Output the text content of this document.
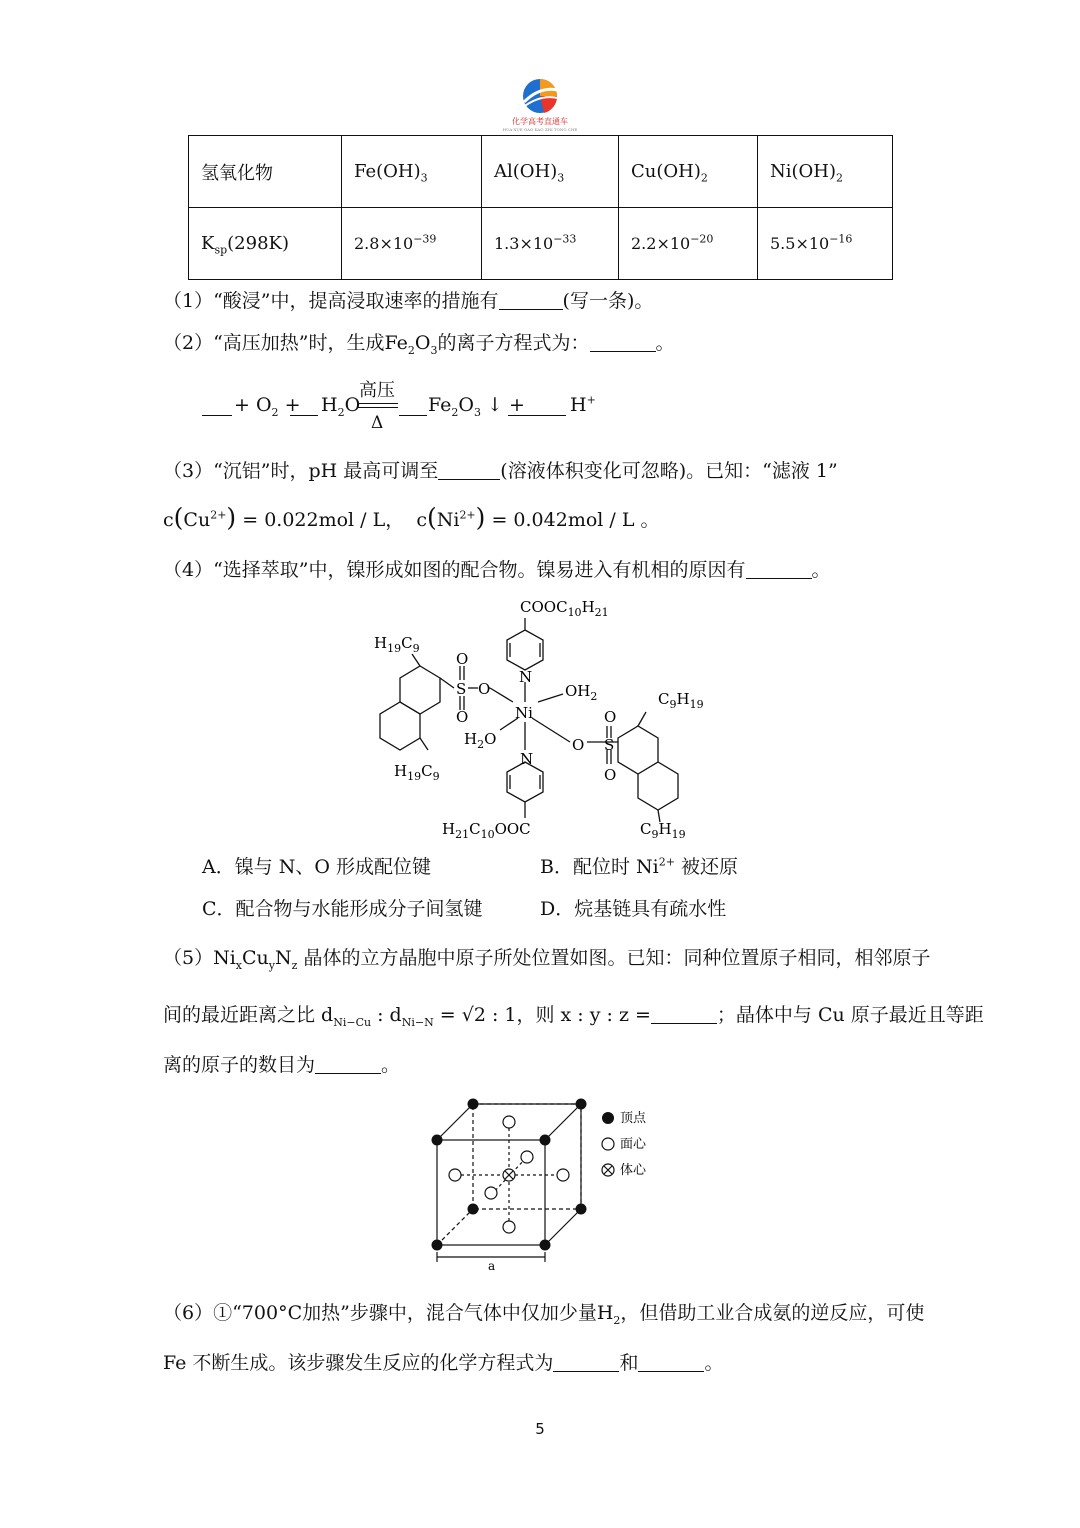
化学高考直通车
HUA XUE GAO KAO ZHI TONG CHE
氢氧化物	$Fe(OH)_3$	$Al(OH)_3$	$Cu(OH)_2$	$Ni(OH)_2$
$K_{sp}(298K)$	$2.8\times 10^{-39}$	$1.3\times 10^{-33}$	$2.2\times 10^{-20}$	$5.5\times 10^{-16}$
（1）“酸浸”中，提高浸取速率的措施有	(写一条)。
（2）“高压加热”时，生成$Fe_2O_3$的离子方程式为：	。
+ $O_2 + H_2O$
高压
Δ
$Fe_2O_3$ ↓ + H+
（3）“沉铝”时，pH 最高可调至	(溶液体积变化可忽略)。已知：“滤液 1”
$c(Cu^{2+}) = 0.022mol / L$， $c(Ni^{2+}) = 0.042mol / L$ 。
（4）“选择萃取”中，镍形成如图的配合物。镍易进入有机相的原因有	。
$COOC_{10}H_{21}$
$H_{19}C_9$
O
S O
O
N
Ni
$OH_2$
$H_2O$
N
O
O
S
O
$C_9H_{19}$
$H_{19}C_9$
$H_{21}C_{10}OOC$	$C_9H_{19}$
A．镍与 N、O 形成配位键	B．配位时 $Ni^{2+}$ 被还原
C．配合物与水能形成分子间氢键	D．烷基链具有疏水性
$(5)Ni_xCu_yN_z$ 晶体的立方晶胞中原子所处位置如图。已知：同种位置原子相同，相邻原子
间的最近距离之比 $d_{Ni-Cu}$ : $d_{Ni-N} = √2$ : 1，则 x : y : z =	；晶体中与 Cu 原子最近且等距
离的原子的数目为	。
a
顶点
面心
体心
（6）①“700°C加热”步骤中，混合气体中仅加少量$H_2$，但借助工业合成氨的逆反应，可使
Fe 不断生成。该步骤发生反应的化学方程式为	和	。
5
